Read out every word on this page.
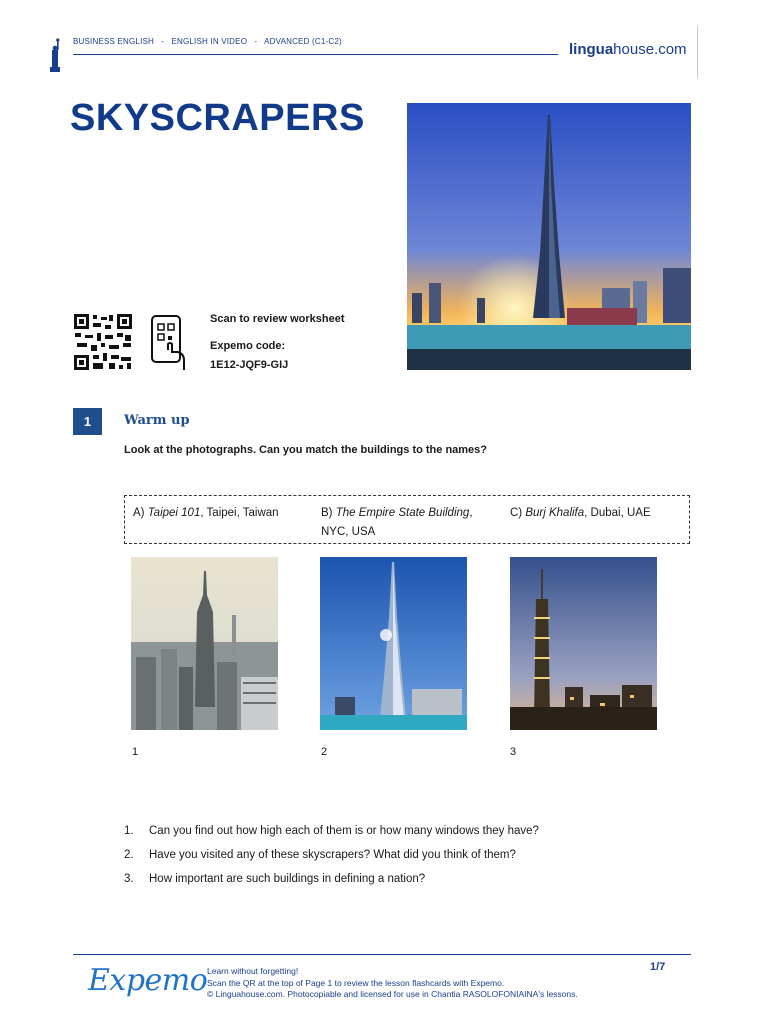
BUSINESS ENGLISH - ENGLISH IN VIDEO - ADVANCED (C1-C2)	linguahouse.com
SKYSCRAPERS
Scan to review worksheet
Expemo code:
1E12-JQF9-GIJ
1	Warm up
Look at the photographs. Can you match the buildings to the names?
A) Taipei 101, Taipei, Taiwan	B) The Empire State Building, NYC, USA
C) Burj Khalifa, Dubai, UAE
1	2	3
1. Can you find out how high each of them is or how many windows they have?
2. Have you visited any of these skyscrapers? What did you think of them?
3. How important are such buildings in defining a nation?
Expemo Learn without forgetting!
Scan the QR at the top of Page 1 to review the lesson flashcards with Expemo.
© Linguahouse.com. Photocopiable and licensed for use in Chantia RASOLOFONIAINA's lessons.
1/7
